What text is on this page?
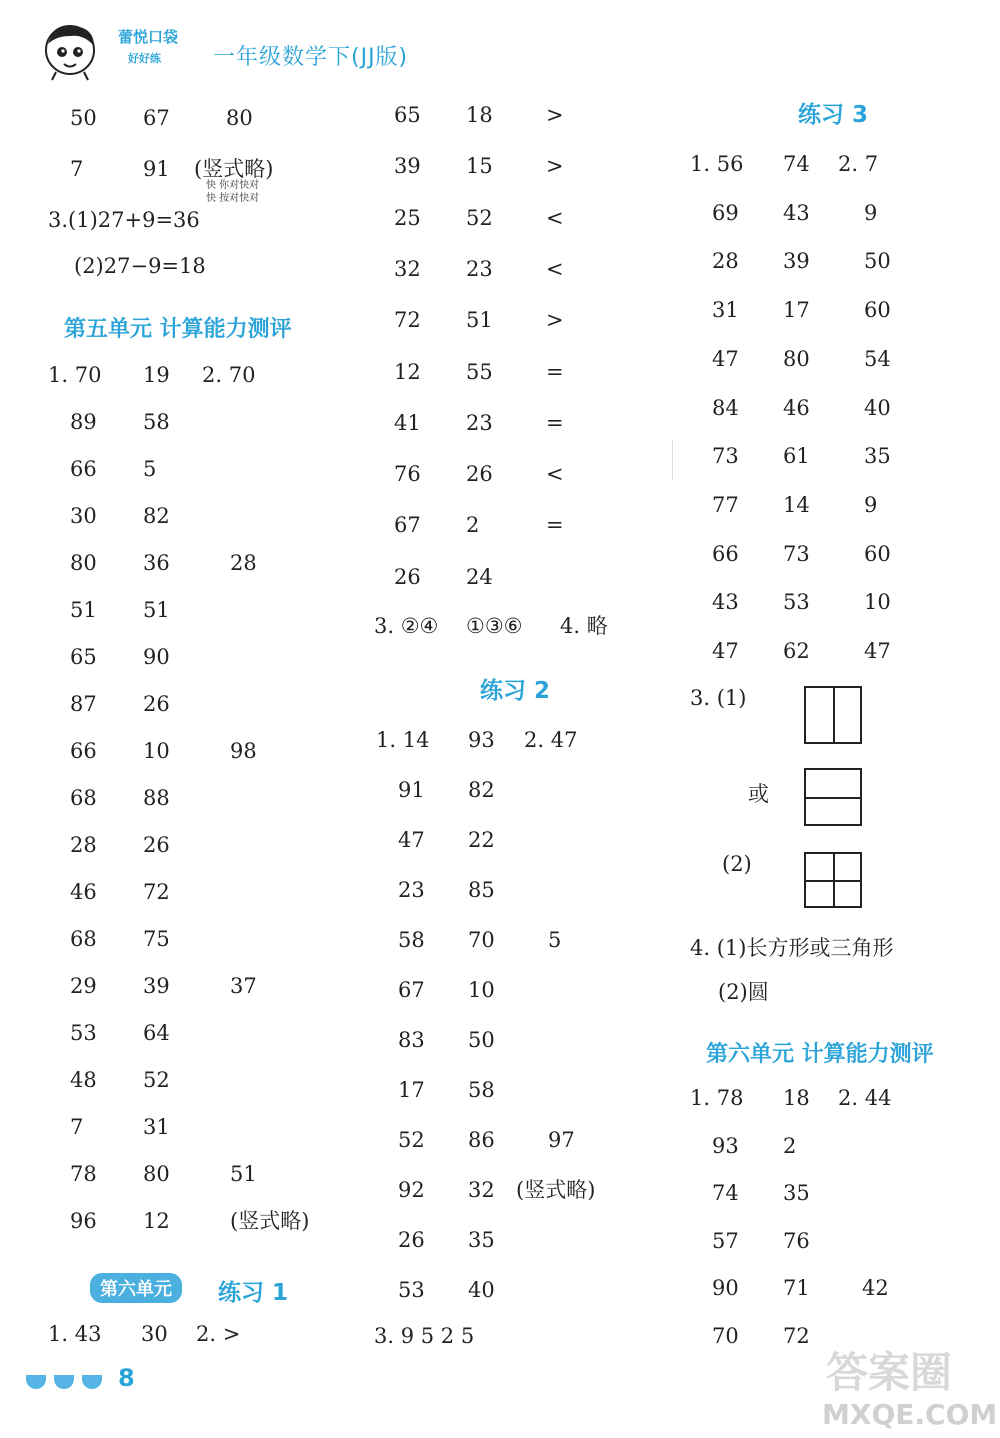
蕾悦口袋
好好练 一年级数学下(JJ版)
50 67	80
7	91 (竖式略)
快 你对快对
快 按对快对
3.(1)27+9=36
(2)27−9=18
第五单元 计算能力测评
1. 70 19 2. 70
89 58
66 5
30 82
80 36	28
51 51
65 90
87 26
66 10	98
68 88
28 26
46 72
68 75
29 39	37
53 64
48 52
7	31
78 80	51
96 12	(竖式略)
第六单元	练习 1
1. 43 30 2. >
65 18	>
39 15	>
25 52	<
32 23	<
72 51	>
12 55	=
41 23	=
76 26	<
67 2	=
26 24
3. ②④ ①③⑥ 4. 略
练习 2
1. 14 93 2. 47
91 82
47 22
23 85
58 70	5
67 10
83 50
17 58
52 86	97
92 32 (竖式略)
26 35
53 40
3. 9 5 2 5
练习 3
1. 56 74 2. 7
69 43	9
28 39	50
31 17	60
47 80	54
84 46	40
73 61	35
77 14	9
66 73	60
43 53	10
47 62	47
3. (1)
或
(2)
4. (1)长方形或三角形
(2)圆
第六单元 计算能力测评
1. 78 18 2. 44
93 2
74 35
57 76
90 71 42
70 72
8	答案圈
MXQE.COM
